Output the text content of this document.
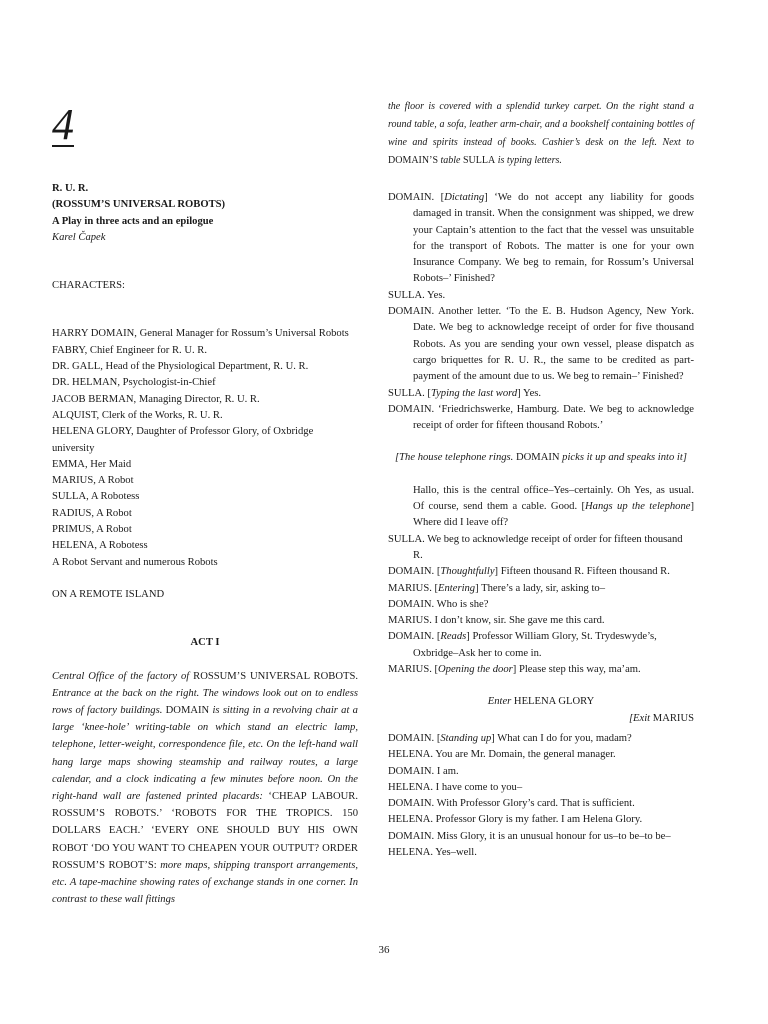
4

R. U. R.

(ROSSUM’S UNIVERSAL ROBOTS)

A Play in three acts and an epilogue

Karel Čapek

CHARACTERS:

HARRY DOMAIN, General Manager for Rossum’s Universal Robots

FABRY, Chief Engineer for R. U. R.

DR. GALL, Head of the Physiological Department, R. U. R.

DR. HELMAN, Psychologist-in-Chief

JACOB BERMAN, Managing Director, R. U. R.

ALQUIST, Clerk of the Works, R. U. R.

HELENA GLORY, Daughter of Professor Glory, of Oxbridge university

EMMA, Her Maid

MARIUS, A Robot

SULLA, A Robotess

RADIUS, A Robot

PRIMUS, A Robot

HELENA, A Robotess

A Robot Servant and numerous Robots

ON A REMOTE ISLAND

ACT I

Central Office of the factory of ROSSUM’S UNIVERSAL ROBOTS. Entrance at the back on the right. The windows look out on to endless rows of factory buildings. DOMAIN is sitting in a revolving chair at a large ‘knee-hole’ writing-table on which stand an electric lamp, telephone, letter-weight, correspondence file, etc. On the left-hand wall hang large maps showing steamship and railway routes, a large calendar, and a clock indicating a few minutes before noon. On the right-hand wall are fastened printed placards: ‘CHEAP LABOUR. ROSSUM’S ROBOTS.’ ‘ROBOTS FOR THE TROPICS. 150 DOLLARS EACH.’ ‘EVERY ONE SHOULD BUY HIS OWN ROBOT ‘DO YOU WANT TO CHEAPEN YOUR OUTPUT? ORDER ROSSUM’S ROBOT’S: more maps, shipping transport arrangements, etc. A tape-machine showing rates of exchange stands in one corner. In contrast to these wall fittings

the floor is covered with a splendid turkey carpet. On the right stand a round table, a sofa, leather arm-chair, and a bookshelf containing bottles of wine and spirits instead of books. Cashier’s desk on the left. Next to DOMAIN’S table SULLA is typing letters.

DOMAIN. [Dictating] ‘We do not accept any liability for goods damaged in transit. When the consignment was shipped, we drew your Captain’s attention to the fact that the vessel was unsuitable for the transport of Robots. The matter is one for your own Insurance Company. We beg to remain, for Rossum’s Universal Robots–’ Finished?

SULLA. Yes.

DOMAIN. Another letter. ‘To the E. B. Hudson Agency, New York. Date. We beg to acknowledge receipt of order for five thousand Robots. As you are sending your own vessel, please dispatch as cargo briquettes for R. U. R., the same to be credited as part-payment of the amount due to us. We beg to remain–’ Finished?

SULLA. [Typing the last word] Yes.

DOMAIN. ‘Friedrichswerke, Hamburg. Date. We beg to acknowledge receipt of order for fifteen thousand Robots.’

[The house telephone rings. DOMAIN picks it up and speaks into it]

Hallo, this is the central office–Yes–certainly. Oh Yes, as usual. Of course, send them a cable. Good. [Hangs up the telephone] Where did I leave off?

SULLA. We beg to acknowledge receipt of order for fifteen thousand R.

DOMAIN. [Thoughtfully] Fifteen thousand R. Fifteen thousand R.

MARIUS. [Entering] There’s a lady, sir, asking to–

DOMAIN. Who is she?

MARIUS. I don’t know, sir. She gave me this card.

DOMAIN. [Reads] Professor William Glory, St. Trydeswyde’s, Oxbridge–Ask her to come in.

MARIUS. [Opening the door] Please step this way, ma’am.

Enter HELENA GLORY

[Exit MARIUS

DOMAIN. [Standing up] What can I do for you, madam?

HELENA. You are Mr. Domain, the general manager.

DOMAIN. I am.

HELENA. I have come to you–

DOMAIN. With Professor Glory’s card. That is sufficient.

HELENA. Professor Glory is my father. I am Helena Glory.

DOMAIN. Miss Glory, it is an unusual honour for us–to be–to be–

HELENA. Yes–well.

36
